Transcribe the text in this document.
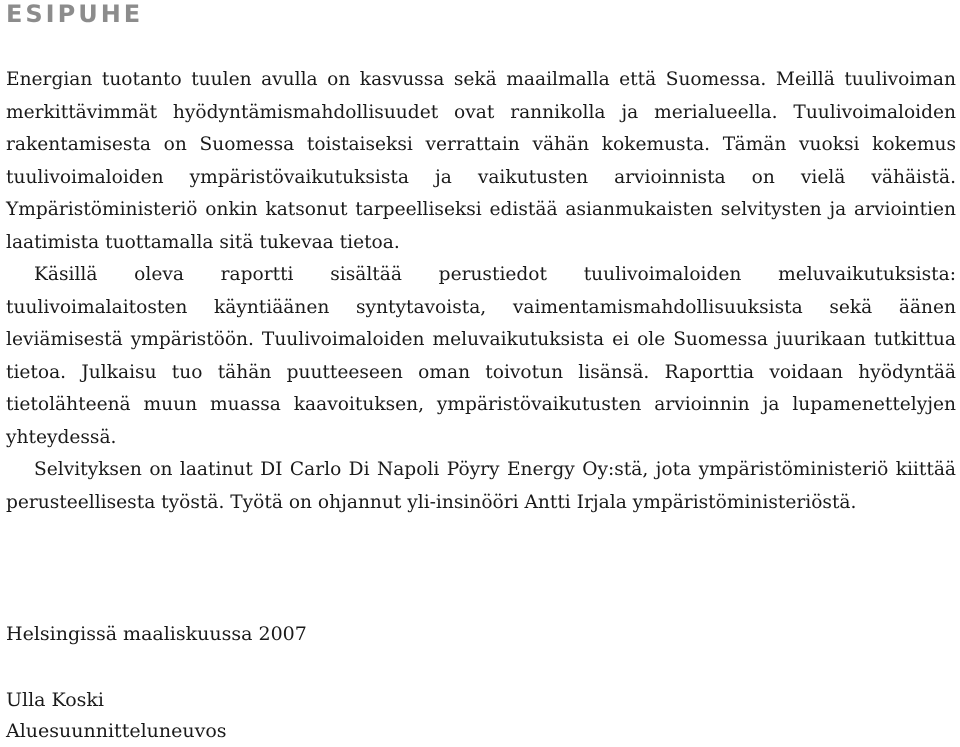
ESIPUHE

Energian tuotanto tuulen avulla on kasvussa sekä maailmalla että Suomessa. Meillä tuulivoiman merkittävimmät hyödyntämismahdollisuudet ovat rannikolla ja merialueella. Tuulivoimaloiden rakentamisesta on Suomessa toistaiseksi verrattain vähän kokemusta. Tämän vuoksi kokemus tuulivoimaloiden ympäristövaikutuksista ja vaikutusten arvioinnista on vielä vähäistä. Ympäristöministeriö onkin katsonut tarpeelliseksi edistää asianmukaisten selvitysten ja arviointien laatimista tuottamalla sitä tukevaa tietoa.

Käsillä oleva raportti sisältää perustiedot tuulivoimaloiden meluvaikutuksista: tuulivoimalaitosten käyntiäänen syntytavoista, vaimentamismahdollisuuksista sekä äänen leviämisestä ympäristöön. Tuulivoimaloiden meluvaikutuksista ei ole Suomessa juurikaan tutkittua tietoa. Julkaisu tuo tähän puutteeseen oman toivotun lisänsä. Raporttia voidaan hyödyntää tietolähteenä muun muassa kaavoituksen, ympäristövaikutusten arvioinnin ja lupamenettelyjen yhteydessä.

Selvityksen on laatinut DI Carlo Di Napoli Pöyry Energy Oy:stä, jota ympäristöministeriö kiittää perusteellisesta työstä. Työtä on ohjannut yli-insinööri Antti Irjala ympäristöministeriöstä.

Helsingissä maaliskuussa 2007

Ulla Koski

Aluesuunnitteluneuvos
